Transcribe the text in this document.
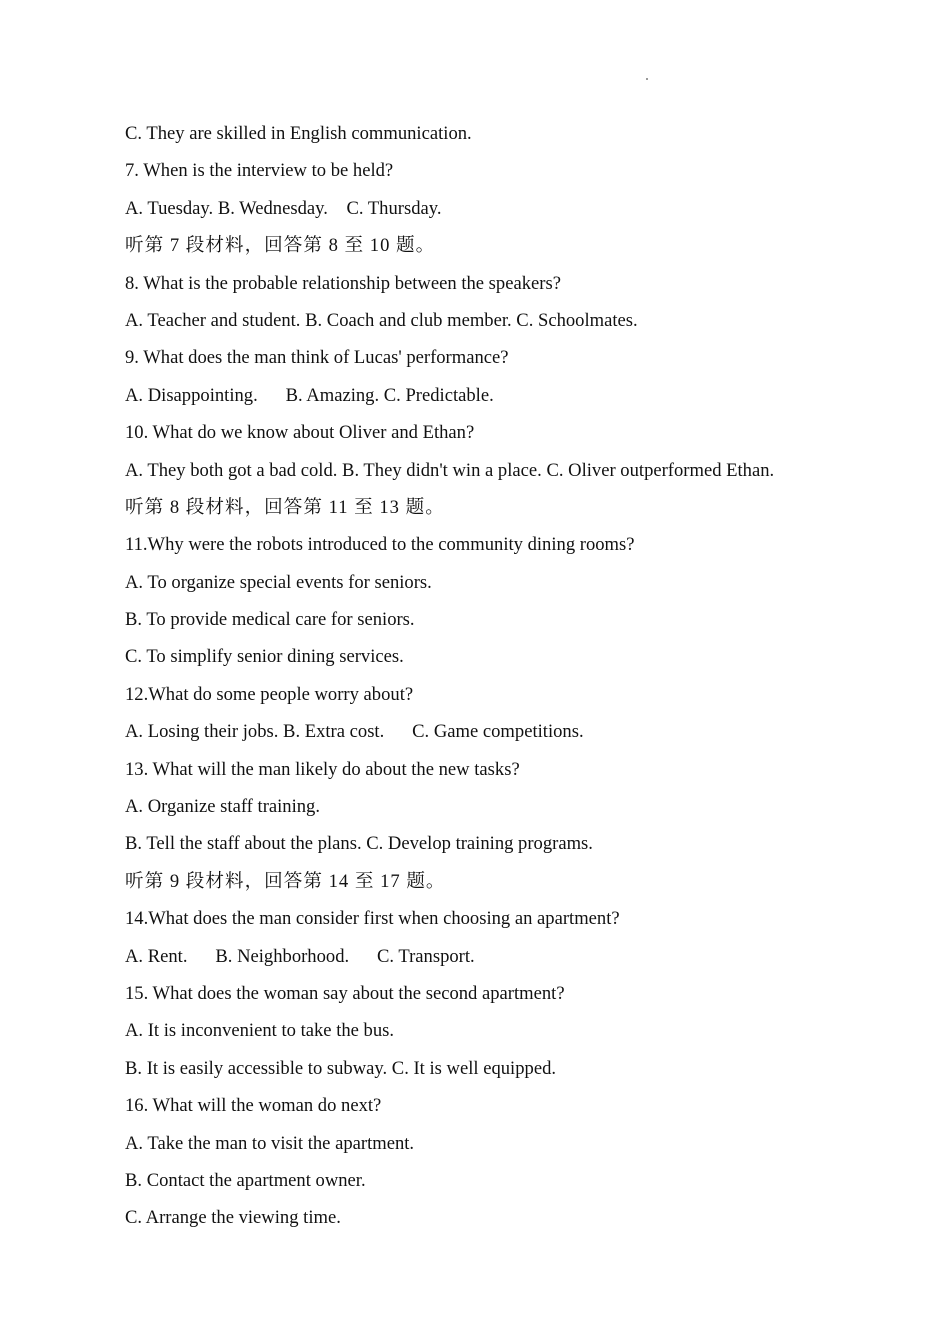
C. They are skilled in English communication.
7. When is the interview to be held?
A. Tuesday. B. Wednesday.    C. Thursday.
听第 7 段材料，回答第 8 至 10 题。
8. What is the probable relationship between the speakers?
A. Teacher and student. B. Coach and club member. C. Schoolmates.
9. What does the man think of Lucas' performance?
A. Disappointing.      B. Amazing. C. Predictable.
10. What do we know about Oliver and Ethan?
A. They both got a bad cold. B. They didn't win a place. C. Oliver outperformed Ethan.
听第 8 段材料，回答第 11 至 13 题。
11.Why were the robots introduced to the community dining rooms?
A. To organize special events for seniors.
B. To provide medical care for seniors.
C. To simplify senior dining services.
12.What do some people worry about?
A. Losing their jobs. B. Extra cost.      C. Game competitions.
13. What will the man likely do about the new tasks?
A. Organize staff training.
B. Tell the staff about the plans. C. Develop training programs.
听第 9 段材料，回答第 14 至 17 题。
14.What does the man consider first when choosing an apartment?
A. Rent.      B. Neighborhood.      C. Transport.
15. What does the woman say about the second apartment?
A. It is inconvenient to take the bus.
B. It is easily accessible to subway. C. It is well equipped.
16. What will the woman do next?
A. Take the man to visit the apartment.
B. Contact the apartment owner.
C. Arrange the viewing time.
